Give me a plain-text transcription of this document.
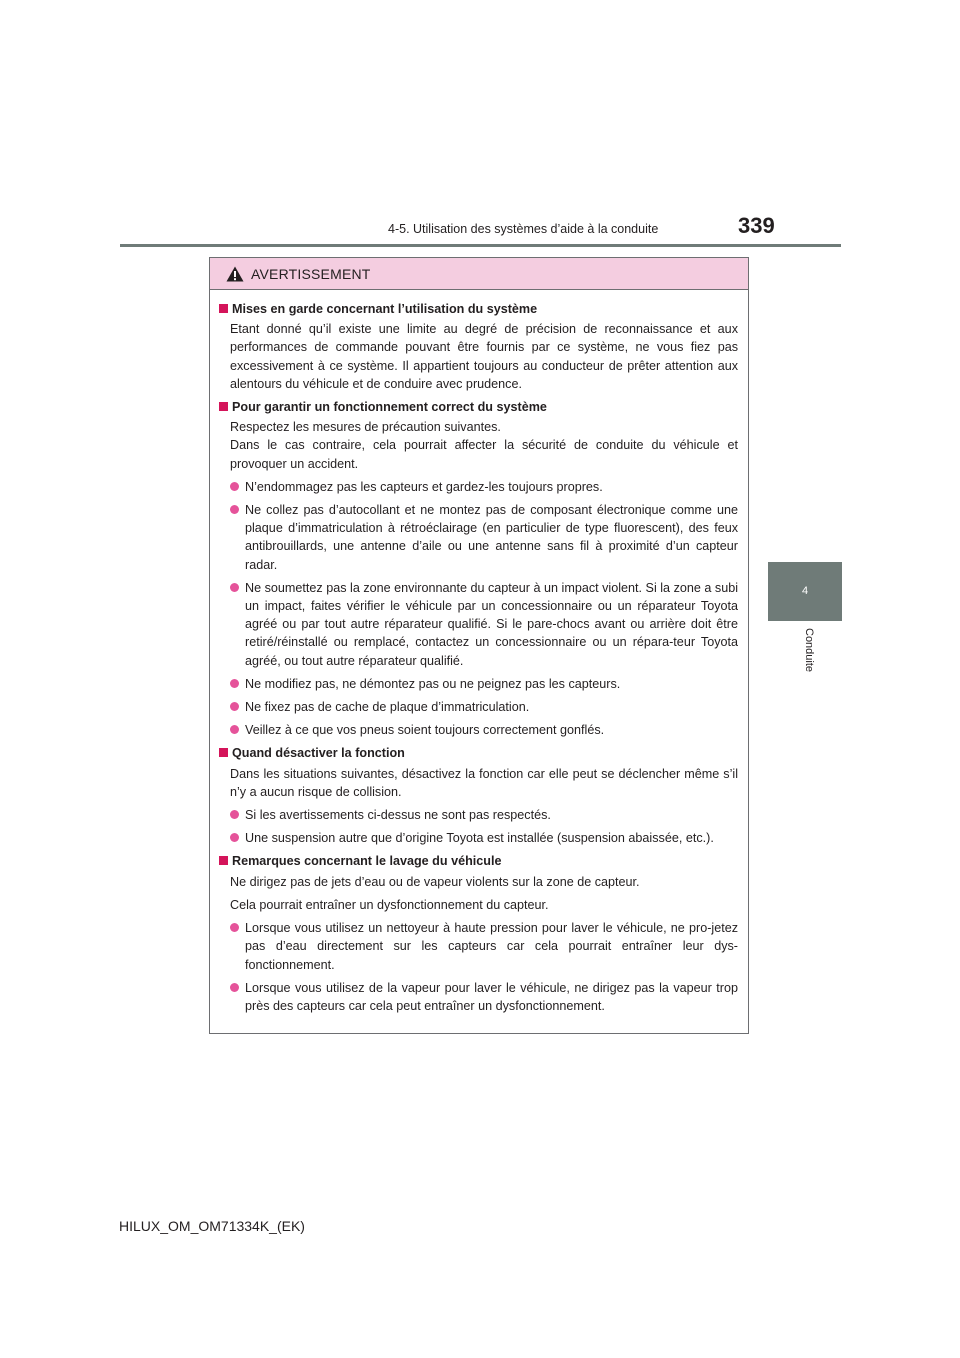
4-5. Utilisation des systèmes d’aide à la conduite	339
4
Conduite
AVERTISSEMENT
Mises en garde concernant l’utilisation du système
Etant donné qu’il existe une limite au degré de précision de reconnaissance et aux performances de commande pouvant être fournis par ce système, ne vous fiez pas excessivement à ce système. Il appartient toujours au conducteur de prêter attention aux alentours du véhicule et de conduire avec prudence.
Pour garantir un fonctionnement correct du système
Respectez les mesures de précaution suivantes.
Dans le cas contraire, cela pourrait affecter la sécurité de conduite du véhicule et provoquer un accident.
N’endommagez pas les capteurs et gardez-les toujours propres.
Ne collez pas d’autocollant et ne montez pas de composant électronique comme une plaque d’immatriculation à rétroéclairage (en particulier de type fluorescent), des feux antibrouillards, une antenne d’aile ou une antenne sans fil à proximité d’un capteur radar.
Ne soumettez pas la zone environnante du capteur à un impact violent. Si la zone a subi un impact, faites vérifier le véhicule par un concessionnaire ou un réparateur Toyota agréé ou par tout autre réparateur qualifié. Si le pare-chocs avant ou arrière doit être retiré/réinstallé ou remplacé, contactez un concessionnaire ou un répara-teur Toyota agréé, ou tout autre réparateur qualifié.
Ne modifiez pas, ne démontez pas ou ne peignez pas les capteurs.
Ne fixez pas de cache de plaque d’immatriculation.
Veillez à ce que vos pneus soient toujours correctement gonflés.
Quand désactiver la fonction
Dans les situations suivantes, désactivez la fonction car elle peut se déclencher même s’il n’y a aucun risque de collision.
Si les avertissements ci-dessus ne sont pas respectés.
Une suspension autre que d’origine Toyota est installée (suspension abaissée, etc.).
Remarques concernant le lavage du véhicule
Ne dirigez pas de jets d’eau ou de vapeur violents sur la zone de capteur.
Cela pourrait entraîner un dysfonctionnement du capteur.
Lorsque vous utilisez un nettoyeur à haute pression pour laver le véhicule, ne pro-jetez pas d’eau directement sur les capteurs car cela pourrait entraîner leur dys-fonctionnement.
Lorsque vous utilisez de la vapeur pour laver le véhicule, ne dirigez pas la vapeur trop près des capteurs car cela peut entraîner un dysfonctionnement.
HILUX_OM_OM71334K_(EK)
